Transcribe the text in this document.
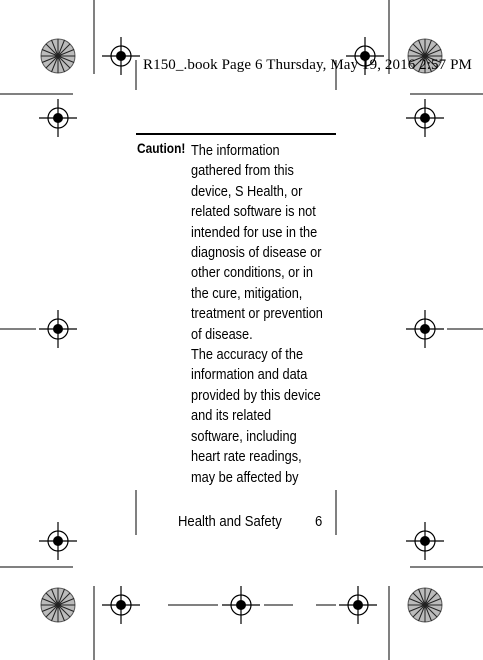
R150_.book Page 6 Thursday, May 19, 2016 2:57 PM
Caution! The information
gathered from this
device, S Health, or
related software is not
intended for use in the
diagnosis of disease or
other conditions, or in
the cure, mitigation,
treatment or prevention
of disease.
The accuracy of the
information and data
provided by this device
and its related
software, including
heart rate readings,
may be affected by
Health and Safety 6
